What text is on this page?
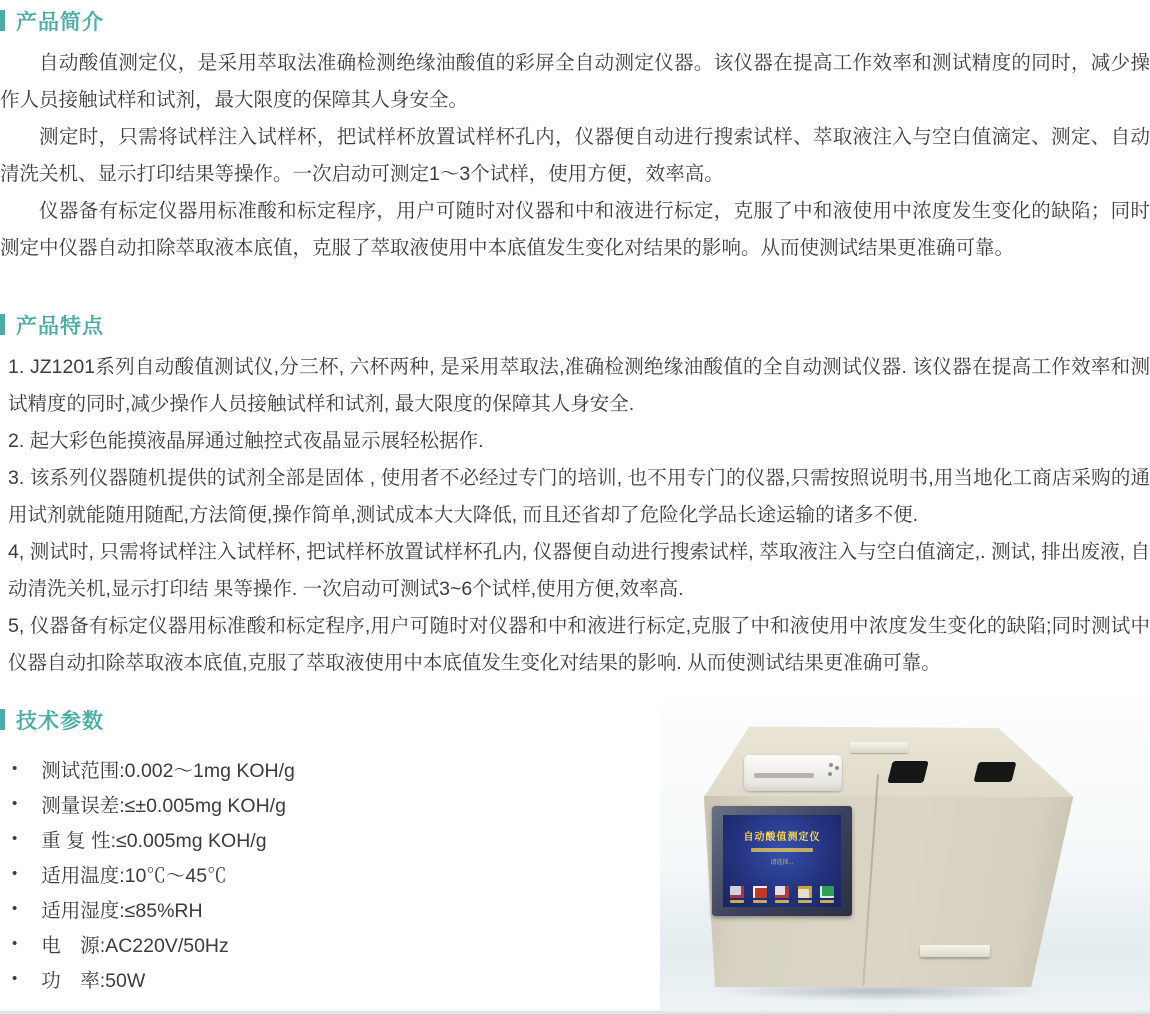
产品简介

自动酸值测定仪，是采用萃取法准确检测绝缘油酸值的彩屏全自动测定仪器。该仪器在提高工作效率和测试精度的同时，减少操作人员接触试样和试剂，最大限度的保障其人身安全。

测定时，只需将试样注入试样杯，把试样杯放置试样杯孔内，仪器便自动进行搜索试样、萃取液注入与空白值滴定、测定、自动清洗关机、显示打印结果等操作。一次启动可测定1～3个试样，使用方便，效率高。

仪器备有标定仪器用标准酸和标定程序，用户可随时对仪器和中和液进行标定，克服了中和液使用中浓度发生变化的缺陷；同时测定中仪器自动扣除萃取液本底值，克服了萃取液使用中本底值发生变化对结果的影响。从而使测试结果更准确可靠。

产品特点
1. JZ1201系列自动酸值测试仪,分三杯, 六杯两种, 是采用萃取法,准确检测绝缘油酸值的全自动测试仪器. 该仪器在提高工作效率和测试精度的同时,减少操作人员接触试样和试剂, 最大限度的保障其人身安全.
2. 起大彩色能摸液晶屏通过触控式夜晶显示展轻松据作.
3. 该系列仪器随机提供的试剂全部是固体 , 使用者不必经过专门的培训, 也不用专门的仪器,只需按照说明书,用当地化工商店采购的通用试剂就能随用随配,方法简便,操作简单,测试成本大大降低, 而且还省却了危险化学品长途运输的诸多不便.
4, 测试时, 只需将试样注入试样杯, 把试样杯放置试样杯孔内, 仪器便自动进行搜索试样, 萃取液注入与空白值滴定,. 测试, 排出废液, 自动清洗关机,显示打印结 果等操作. 一次启动可测试3~6个试样,使用方便,效率高.
5, 仪器备有标定仪器用标准酸和标定程序,用户可随时对仪器和中和液进行标定,克服了中和液使用中浓度发生变化的缺陷;同时测试中仪器自动扣除萃取液本底值,克服了萃取液使用中本底值发生变化对结果的影响. 从而使测试结果更准确可靠。
技术参数
• 测试范围:0.002～1mg KOH/g
• 测量误差:≤±0.005mg KOH/g
• 重 复 性:≤0.005mg KOH/g
• 适用温度:10℃～45℃
• 适用湿度:≤85%RH
• 电　源:AC220V/50Hz
• 功　率:50W
自动酸值测定仪
请选择...
